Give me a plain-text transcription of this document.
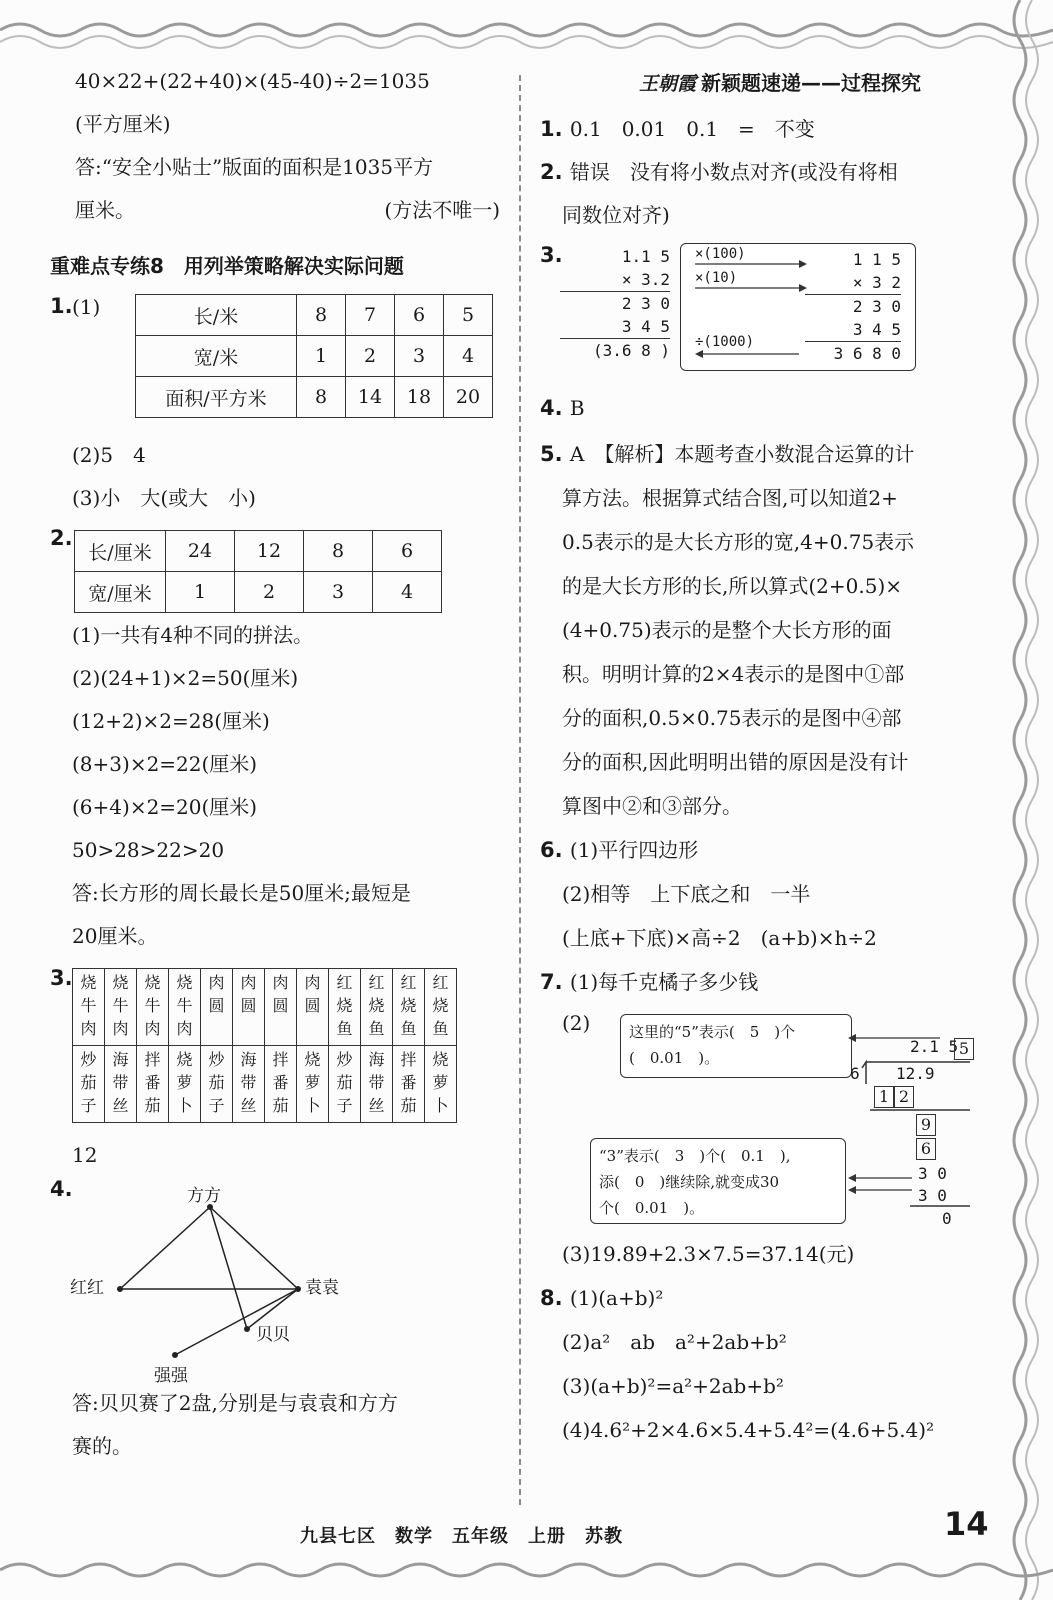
40×22+(22+40)×(45-40)÷2=1035
(平方厘米)
答:“安全小贴士”版面的面积是1035平方
厘米。	(方法不唯一)
重难点专练8　用列举策略解决实际问题
1. (1)	长/米	8	7	6	5
宽/米	1	2	3	4
面积/平方米	8	14	18	20
(2)5　4
(3)小　大(或大　小)
2.
长/厘米	24	12	8	6
宽/厘米	1	2	3	4
(1)一共有4种不同的拼法。
(2)(24+1)×2=50(厘米)
(12+2)×2=28(厘米)
(8+3)×2=22(厘米)
(6+4)×2=20(厘米)
50>28>22>20
答:长方形的周长最长是50厘米;最短是
20厘米。
3. 烧牛肉	烧牛肉	烧牛肉	烧牛肉	肉圆	肉圆	肉圆	肉圆	红烧鱼	红烧鱼	红烧鱼	红烧鱼
炒茄子	海带丝	拌番茄	烧萝卜	炒茄子	海带丝	拌番茄	烧萝卜	炒茄子	海带丝	拌番茄	烧萝卜
12
4.	方方
红红	袁袁
贝贝
强强
答:贝贝赛了2盘,分别是与袁袁和方方
赛的。
王朝霞 新颖题速递——过程探究
1. 0.1　0.01　0.1　=　不变
2. 错误　没有将小数点对齐(或没有将相
同数位对齐)
3.	1.1 5
× 3.2
2 3 0
3 4 5
(3.6 8 )
×(100)
×(10)
÷(1000)
1 1 5
× 3 2
2 3 0
3 4 5
3 6 8 0
4. B
5. A　【解析】本题考查小数混合运算的计
算方法。根据算式结合图,可以知道2+
0.5表示的是大长方形的宽,4+0.75表示
的是大长方形的长,所以算式(2+0.5)×
(4+0.75)表示的是整个大长方形的面
积。明明计算的2×4表示的是图中①部
分的面积,0.5×0.75表示的是图中④部
分的面积,因此明明出错的原因是没有计
算图中②和③部分。
6. (1)平行四边形
(2)相等　上下底之和　一半
(上底+下底)×高÷2　(a+b)×h÷2
7. (1)每千克橘子多少钱
(2)	这里的“5”表示(　5　)个
(　0.01　)。
“3”表示(　3　)个(　0.1　),
添(　0　)继续除,就变成30
个(　0.01　)。
2.1 5 5
6 12.9
1 2
9
6
3 0
3 0
0
(3)19.89+2.3×7.5=37.14(元)
8. (1)(a+b)²
(2)a²　ab　a²+2ab+b²
(3)(a+b)²=a²+2ab+b²
(4)4.6²+2×4.6×5.4+5.4²=(4.6+5.4)²
九县七区　数学　五年级　上册　苏教	14
